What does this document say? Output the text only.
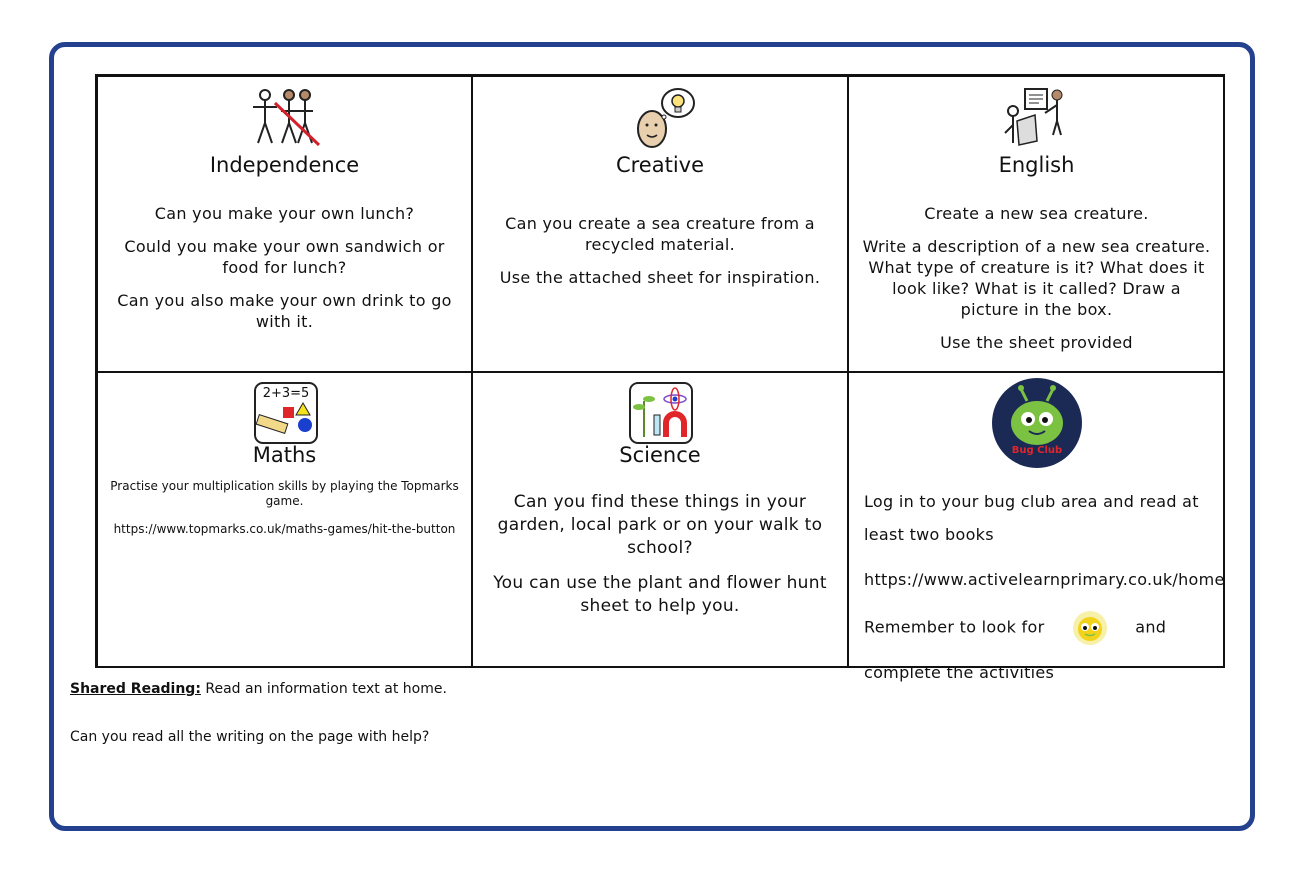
Independence

Can you make your own lunch?

Could you make your own sandwich or food for lunch?

Can you also make your own drink to go with it.

Creative

Can you create a sea creature from a recycled material.

Use the attached sheet for inspiration.

English

Create a new sea creature.

Write a description of a new sea creature. What type of creature is it? What does it look like? What is it called? Draw a picture in the box.

Use the sheet provided

2+3=5
Maths

Practise your multiplication skills by playing the Topmarks game.

https://www.topmarks.co.uk/maths-games/hit-the-button

Science

Can you find these things in your garden, local park or on your walk to school?

You can use the plant and flower hunt sheet to help you.

Bug Club

Log in to your bug club area and read at least two books

https://www.activelearnprimary.co.uk/home

Remember to look for	and

complete the activities

Shared Reading: Read an information text at home.
Can you read all the writing on the page with help?
